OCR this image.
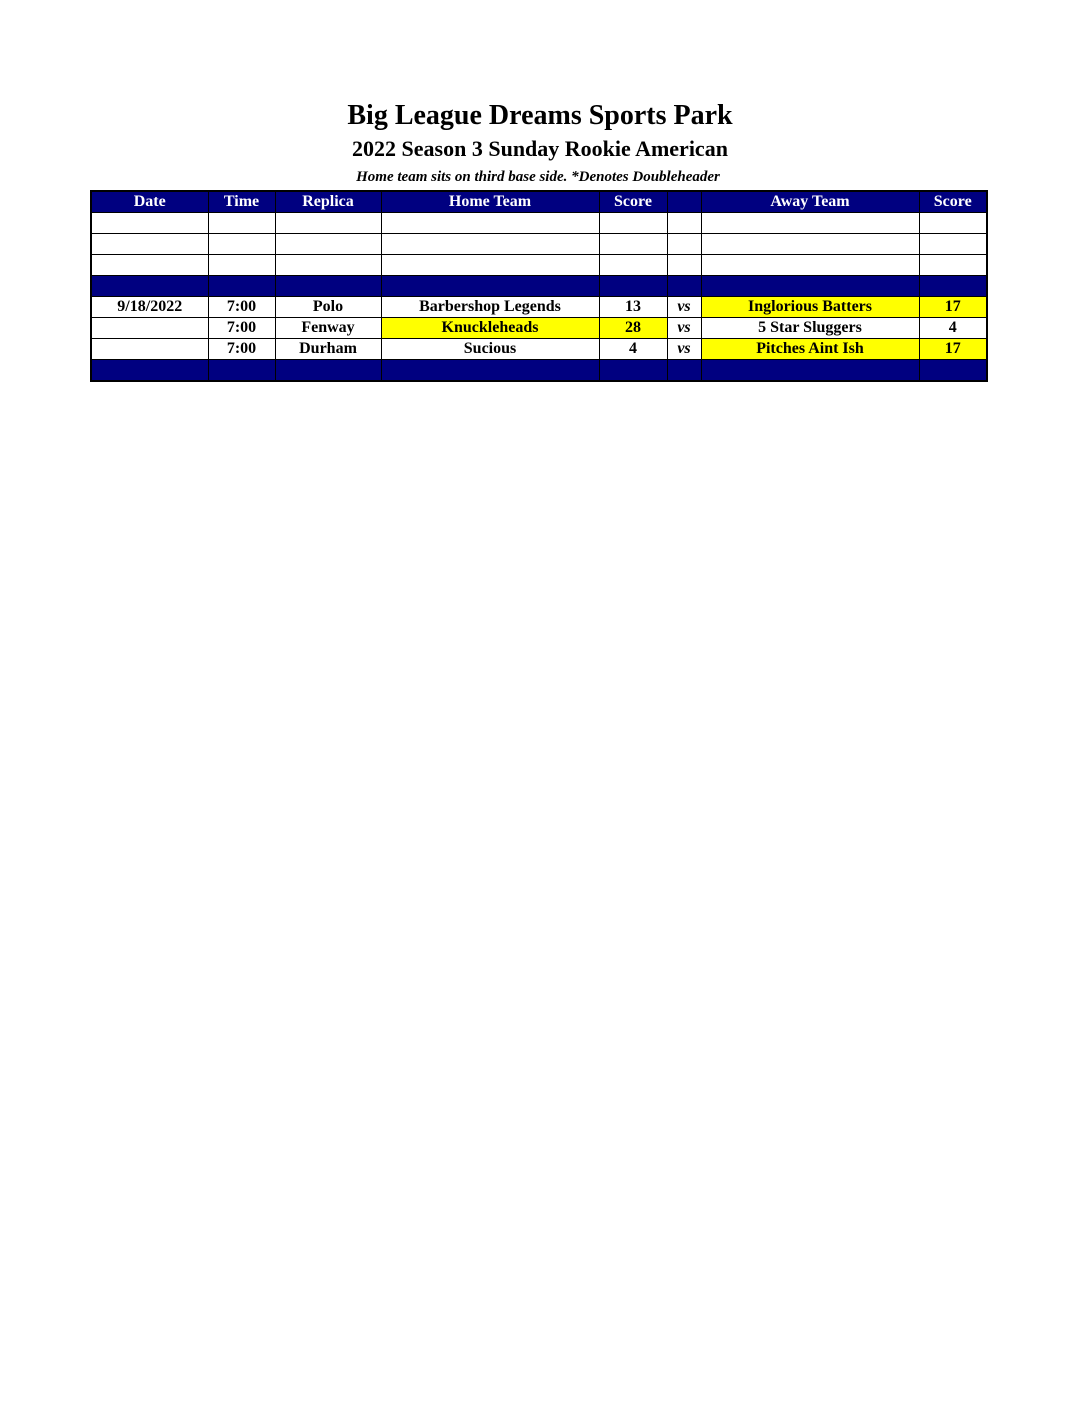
Big League Dreams Sports Park
2022 Season 3 Sunday Rookie American
Home team sits on third base side. *Denotes Doubleheader
Date	Time	Replica	Home Team	Score		Away Team	Score

9/18/2022	7:00	Polo	Barbershop Legends	13	vs	Inglorious Batters	17
	7:00	Fenway	Knuckleheads	28	vs	5 Star Sluggers	4
	7:00	Durham	Sucious	4	vs	Pitches Aint Ish	17
